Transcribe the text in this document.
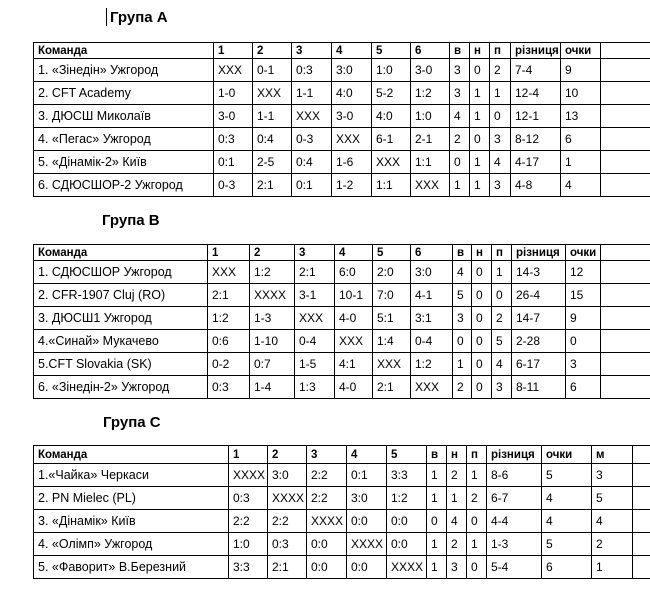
Група А
Команда	1	2	3	4	5	6	в	н	п	різниця	очки	
1. «Зінедін» Ужгород	XXX	0-1	0:3	3:0	1:0	3-0	3	0	2	7-4	9	
2. CFT Academy	1-0	XXX	1-1	4:0	5-2	1:2	3	1	1	12-4	10	
3. ДЮСШ Миколаїв	3-0	1-1	XXX	3-0	4:0	1:0	4	1	0	12-1	13	
4. «Пегас» Ужгород	0:3	0:4	0-3	XXX	6-1	2-1	2	0	3	8-12	6	
5. «Дінамік-2» Київ	0:1	2-5	0:4	1-6	XXX	1:1	0	1	4	4-17	1	
6. СДЮСШОР-2 Ужгород	0-3	2:1	0:1	1-2	1:1	XXX	1	1	3	4-8	4	
Група В
Команда	1	2	3	4	5	6	в	н	п	різниця	очки	
1. СДЮСШОР Ужгород	XXX	1:2	2:1	6:0	2:0	3:0	4	0	1	14-3	12	
2. CFR-1907 Cluj (RO)	2:1	XXXX	3-1	10-1	7:0	4-1	5	0	0	26-4	15	
3. ДЮСШ1 Ужгород	1:2	1-3	XXX	4-0	5:1	3:1	3	0	2	14-7	9	
4.«Синай» Мукачево	0:6	1-10	0-4	XXX	1:4	0-4	0	0	5	2-28	0	
5.CFT Slovakia (SK)	0-2	0:7	1-5	4:1	XXX	1:2	1	0	4	6-17	3	
6. «Зінедін-2» Ужгород	0:3	1-4	1:3	4-0	2:1	XXX	2	0	3	8-11	6	
Група С
Команда	1	2	3	4	5	в	н	п	різниця	очки	м	
1.«Чайка» Черкаси	XXXX	3:0	2:2	0:1	3:3	1	2	1	8-6	5	3	
2. PN Mielec (PL)	0:3	XXXX	2:2	3:0	1:2	1	1	2	6-7	4	5	
3. «Дінамік» Київ	2:2	2:2	XXXX	0:0	0:0	0	4	0	4-4	4	4	
4. «Олімп» Ужгород	1:0	0:3	0:0	XXXX	0:0	1	2	1	1-3	5	2	
5. «Фаворит» В.Березний	3:3	2:1	0:0	0:0	XXXX	1	3	0	5-4	6	1	
